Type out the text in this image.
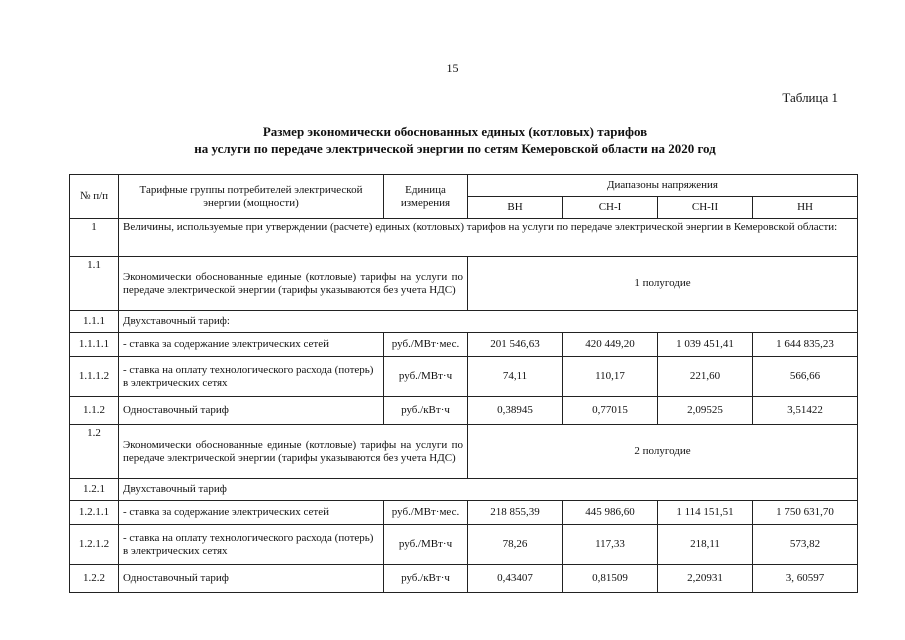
15
Таблица 1
Размер экономически обоснованных единых (котловых) тарифов
на услуги по передаче электрической энергии по сетям Кемеровской области на 2020 год
№ п/п	Тарифные группы потребителей электрической энергии (мощности)	Единица измерения	Диапазоны напряжения			
			ВН	СН-I	СН-II	НН
1	Величины, используемые при утверждении (расчете) единых (котловых) тарифов на услуги по передаче электрической энергии в Кемеровской области:					
1.1	Экономически обоснованные единые (котловые) тарифы на услуги по передаче электрической энергии (тарифы указываются без учета НДС)		1 полугодие			
1.1.1	Двухставочный тариф:					
1.1.1.1	- ставка за содержание электрических сетей	руб./МВт·мес.	201 546,63	420 449,20	1 039 451,41	1 644 835,23
1.1.1.2	- ставка на оплату технологического расхода (потерь) в электрических сетях	руб./МВт·ч	74,11	110,17	221,60	566,66
1.1.2	Одноставочный тариф	руб./кВт·ч	0,38945	0,77015	2,09525	3,51422
1.2	Экономически обоснованные единые (котловые) тарифы на услуги по передаче электрической энергии (тарифы указываются без учета НДС)		2 полугодие			
1.2.1	Двухставочный тариф					
1.2.1.1	- ставка за содержание электрических сетей	руб./МВт·мес.	218 855,39	445 986,60	1 114 151,51	1 750 631,70
1.2.1.2	- ставка на оплату технологического расхода (потерь) в электрических сетях	руб./МВт·ч	78,26	117,33	218,11	573,82
1.2.2	Одноставочный тариф	руб./кВт·ч	0,43407	0,81509	2,20931	3, 60597
